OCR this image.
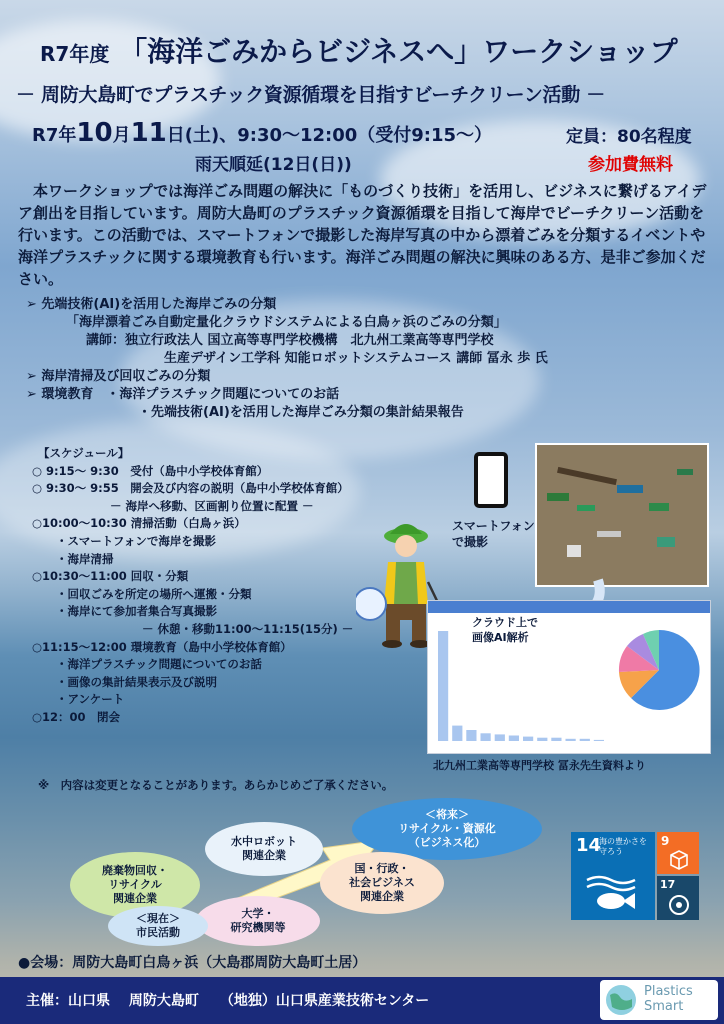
R7年度 「海洋ごみからビジネスへ」ワークショップ
－ 周防大島町でプラスチック資源循環を目指すビーチクリーン活動 －
R7年10月11日(土)、9:30～12:00（受付9:15～）
雨天順延(12日(日))
定員：80名程度
参加費無料
本ワークショップでは海洋ごみ問題の解決に「ものづくり技術」を活用し、ビジネスに繋げるアイデア創出を目指しています。周防大島町のプラスチック資源循環を目指して海岸でビーチクリーン活動を行います。この活動では、スマートフォンで撮影した海岸写真の中から漂着ごみを分類するイベントや海洋プラスチックに関する環境教育も行います。海洋ごみ問題の解決に興味のある方、是非ご参加ください。
➢ 先端技術(AI)を活用した海岸ごみの分類
「海岸漂着ごみ自動定量化クラウドシステムによる白鳥ヶ浜のごみの分類」
講師：独立行政法人 国立高等専門学校機構　北九州工業高等専門学校
生産デザイン工学科 知能ロボットシステムコース 講師 冨永 歩 氏
➢ 海岸清掃及び回収ごみの分類
➢ 環境教育　・海洋プラスチック問題についてのお話
・先端技術(AI)を活用した海岸ごみ分類の集計結果報告
【スケジュール】
○ 9:15～ 9:30　受付（島中小学校体育館）
○ 9:30～ 9:55　開会及び内容の説明（島中小学校体育館）
－ 海岸へ移動、区画割り位置に配置 －
○10:00～10:30 清掃活動（白鳥ヶ浜）
・スマートフォンで海岸を撮影
・海岸清掃
○10:30～11:00 回収・分類
・回収ごみを所定の場所へ運搬・分類
・海岸にて参加者集合写真撮影
－ 休憩・移動11:00～11:15(15分) －
○11:15～12:00 環境教育（島中小学校体育館）
・海洋プラスチック問題についてのお話
・画像の集計結果表示及び説明
・アンケート
○12：00　閉会
※　内容は変更となることがあります。あらかじめご了承ください。
スマートフォン
で撮影
クラウド上で
画像AI解析
北九州工業高等専門学校 冨永先生資料より
＜将来＞
リサイクル・資源化
（ビジネス化）
水中ロボット
関連企業
廃棄物回収・
リサイクル
関連企業
国・行政・
社会ビジネス
関連企業
大学・
研究機関等
＜現在＞
市民活動
14
海の豊かさを守ろう
9
17
●会場：周防大島町白鳥ヶ浜（大島郡周防大島町土居）
主催：山口県　 周防大島町　　（地独）山口県産業技術センター
Plastics
Smart
